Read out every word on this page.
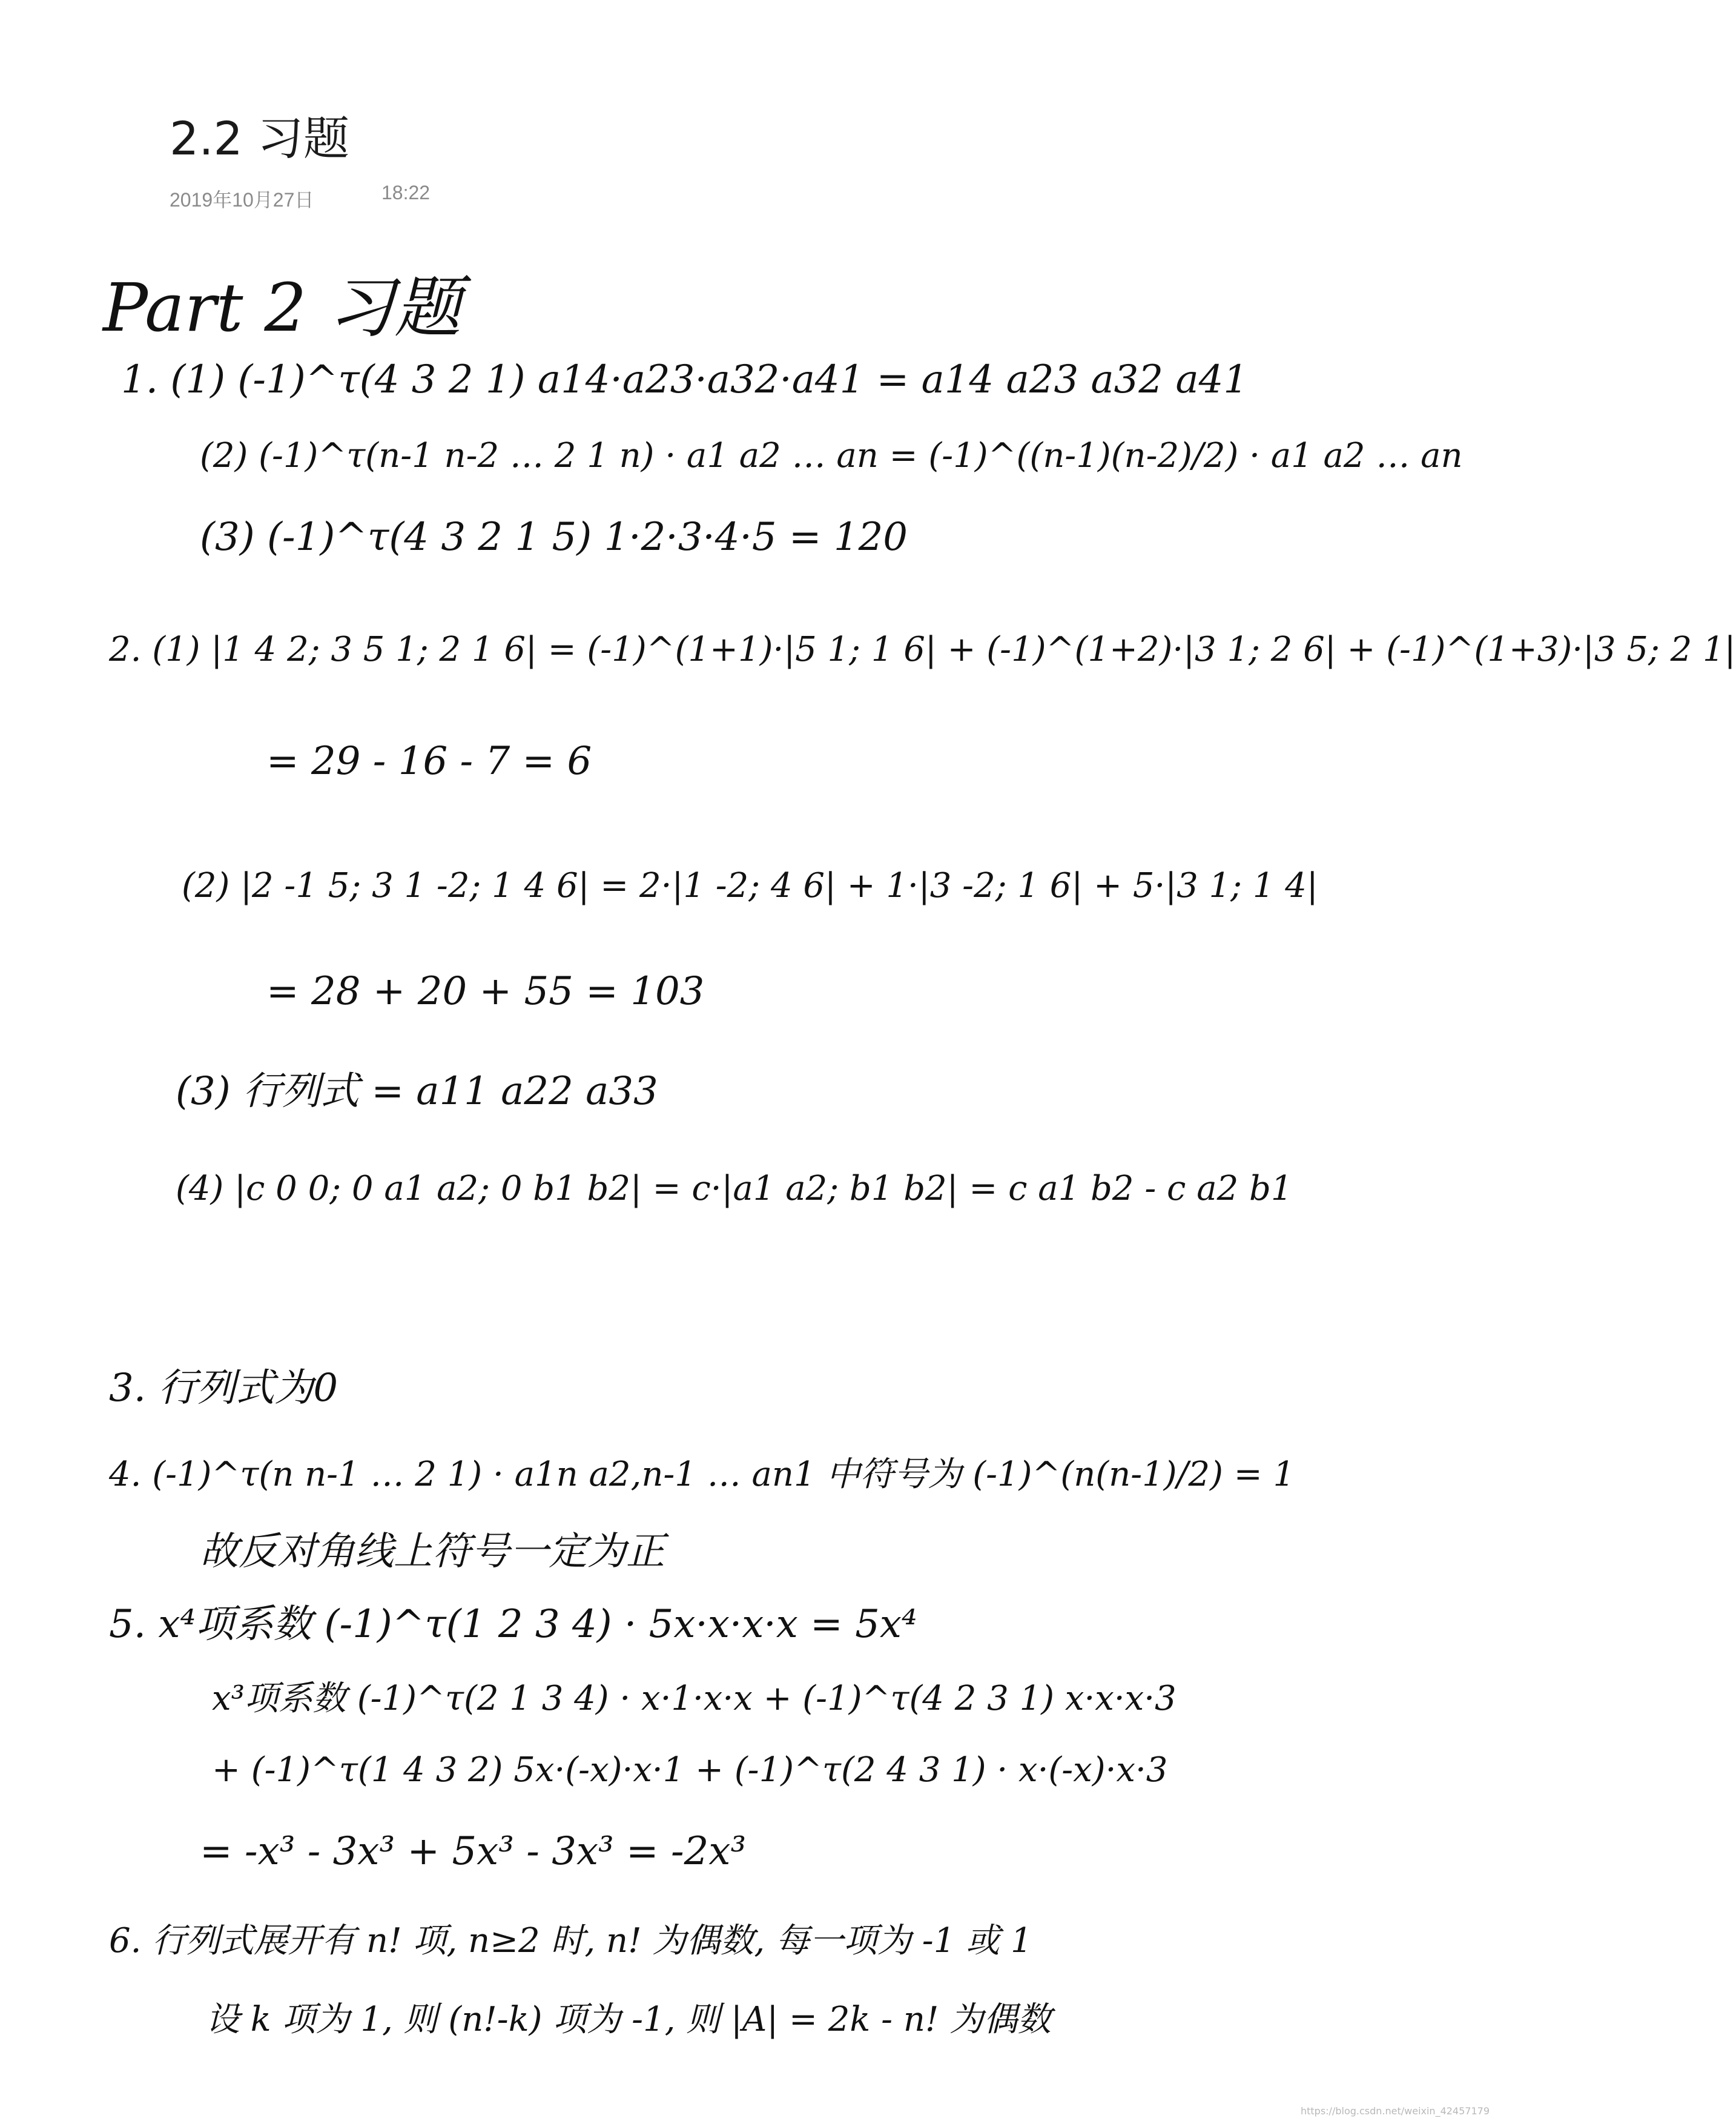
2.2 习题
2019年10月27日	18:22
Part 2 习题
1. (1) (-1)^τ(4 3 2 1) a14·a23·a32·a41 = a14 a23 a32 a41
(2) (-1)^τ(n-1 n-2 … 2 1 n) · a1 a2 … an = (-1)^((n-1)(n-2)/2) · a1 a2 … an
(3) (-1)^τ(4 3 2 1 5) 1·2·3·4·5 = 120
2. (1) |1 4 2; 3 5 1; 2 1 6| = (-1)^(1+1)·|5 1; 1 6| + (-1)^(1+2)·|3 1; 2 6| + (-1)^(1+3)·|3 5; 2 1|
= 29 - 16 - 7 = 6
(2) |2 -1 5; 3 1 -2; 1 4 6| = 2·|1 -2; 4 6| + 1·|3 -2; 1 6| + 5·|3 1; 1 4|
= 28 + 20 + 55 = 103
(3) 行列式 = a11 a22 a33
(4) |c 0 0; 0 a1 a2; 0 b1 b2| = c·|a1 a2; b1 b2| = c a1 b2 - c a2 b1
3. 行列式为0
4. (-1)^τ(n n-1 … 2 1) · a1n a2,n-1 … an1 中符号为 (-1)^(n(n-1)/2) = 1
故反对角线上符号一定为正
5. x⁴项系数 (-1)^τ(1 2 3 4) · 5x·x·x·x = 5x⁴
x³项系数 (-1)^τ(2 1 3 4) · x·1·x·x + (-1)^τ(4 2 3 1) x·x·x·3
+ (-1)^τ(1 4 3 2) 5x·(-x)·x·1 + (-1)^τ(2 4 3 1) · x·(-x)·x·3
= -x³ - 3x³ + 5x³ - 3x³ = -2x³
6. 行列式展开有 n! 项, n≥2 时, n! 为偶数, 每一项为 -1 或 1
设 k 项为 1, 则 (n!-k) 项为 -1, 则 |A| = 2k - n! 为偶数
https://blog.csdn.net/weixin_42457179
